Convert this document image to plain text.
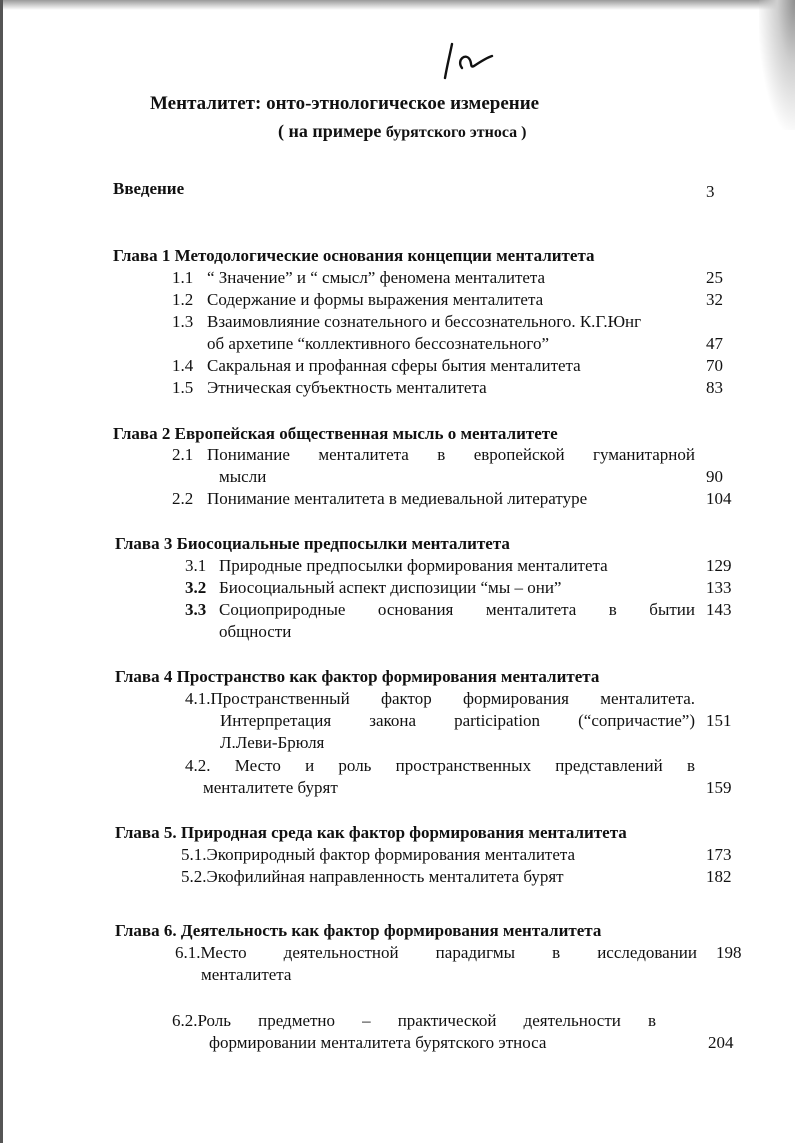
Менталитет: онто-этнологическое измерение
( на примере бурятского этноса )
Введение	3
Глава 1 Методологические основания концепции менталитета
1.1 “ Значение” и “ смысл” феномена менталитета	25
1.2 Содержание и формы выражения менталитета	32
1.3 Взаимовлияние сознательного и бессознательного. К.Г.Юнг
об архетипе “коллективного бессознательного”	47
1.4 Сакральная и профанная сферы бытия менталитета	70
1.5 Этническая субъектность менталитета	83
Глава 2 Европейская общественная мысль о менталитете
2.1 Понимание менталитета в европейской гуманитарной
мысли	90
2.2 Понимание менталитета в медиевальной литературе	104
Глава 3 Биосоциальные предпосылки менталитета
3.1 Природные предпосылки формирования менталитета	129
3.2 Биосоциальный аспект диспозиции “мы – они”	133
3.3 Социоприродные основания менталитета в бытии
общности
143
Глава 4 Пространство как фактор формирования менталитета
4.1.Пространственный фактор формирования менталитета.
Интерпретация закона participation (“сопричастие”) 151
Л.Леви-Брюля
4.2. Место и роль пространственных представлений в
менталитете бурят	159
Глава 5. Природная среда как фактор формирования менталитета
5.1.Экоприродный фактор формирования менталитета	173
5.2.Экофилийная направленность менталитета бурят	182
Глава 6. Деятельность как фактор формирования менталитета
6.1.Место деятельностной парадигмы в исследовании 198
менталитета
6.2.Роль предметно – практической деятельности в
формировании менталитета бурятского этноса	204
